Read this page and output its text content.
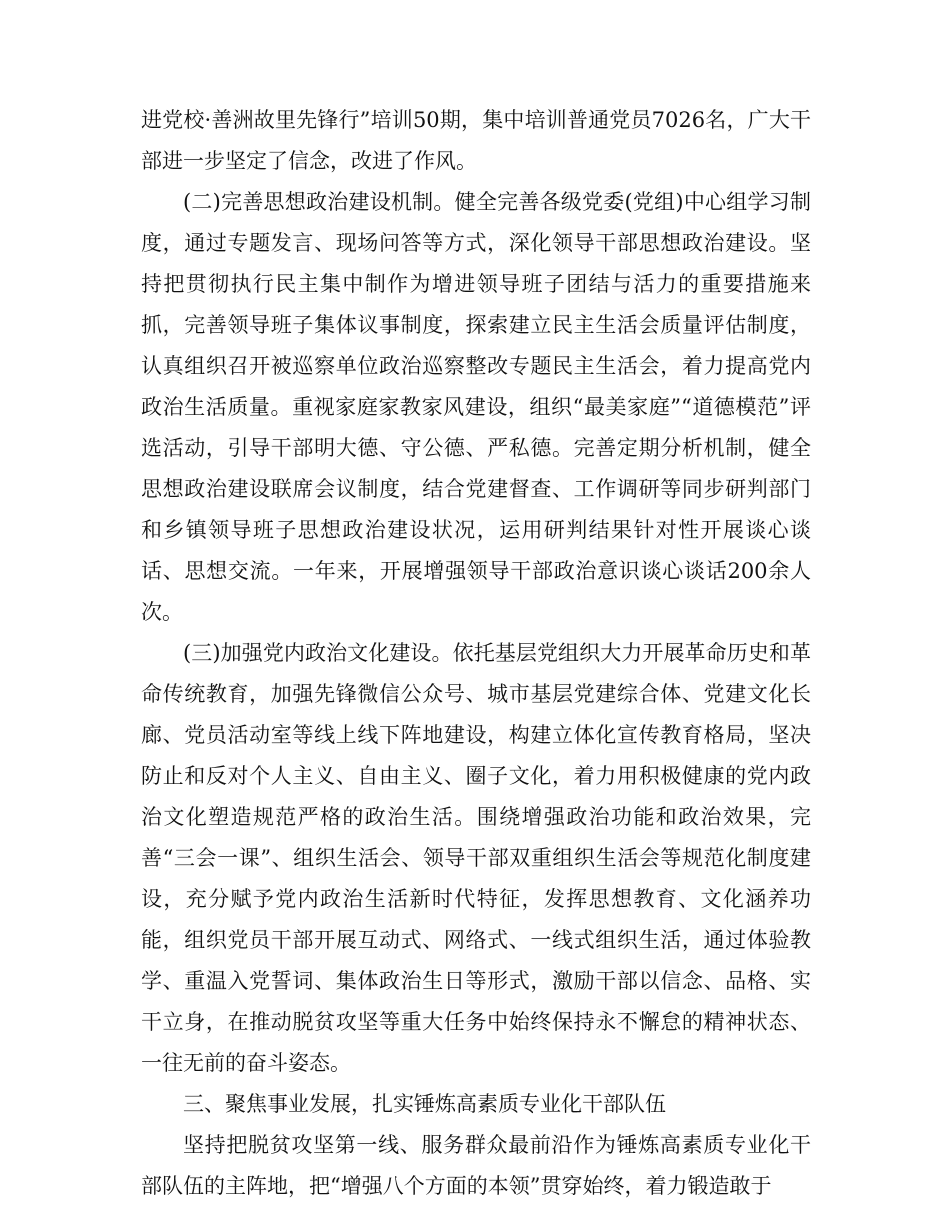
进党校·善洲故里先锋行”培训50期，集中培训普通党员7026名，广大干部进一步坚定了信念，改进了作风。

(二)完善思想政治建设机制。健全完善各级党委(党组)中心组学习制度，通过专题发言、现场问答等方式，深化领导干部思想政治建设。坚持把贯彻执行民主集中制作为增进领导班子团结与活力的重要措施来抓，完善领导班子集体议事制度，探索建立民主生活会质量评估制度，认真组织召开被巡察单位政治巡察整改专题民主生活会，着力提高党内政治生活质量。重视家庭家教家风建设，组织“最美家庭”“道德模范”评选活动，引导干部明大德、守公德、严私德。完善定期分析机制，健全思想政治建设联席会议制度，结合党建督查、工作调研等同步研判部门和乡镇领导班子思想政治建设状况，运用研判结果针对性开展谈心谈话、思想交流。一年来，开展增强领导干部政治意识谈心谈话200余人次。

(三)加强党内政治文化建设。依托基层党组织大力开展革命历史和革命传统教育，加强先锋微信公众号、城市基层党建综合体、党建文化长廊、党员活动室等线上线下阵地建设，构建立体化宣传教育格局，坚决防止和反对个人主义、自由主义、圈子文化，着力用积极健康的党内政治文化塑造规范严格的政治生活。围绕增强政治功能和政治效果，完善“三会一课”、组织生活会、领导干部双重组织生活会等规范化制度建设，充分赋予党内政治生活新时代特征，发挥思想教育、文化涵养功能，组织党员干部开展互动式、网络式、一线式组织生活，通过体验教学、重温入党誓词、集体政治生日等形式，激励干部以信念、品格、实干立身，在推动脱贫攻坚等重大任务中始终保持永不懈怠的精神状态、一往无前的奋斗姿态。

三、聚焦事业发展，扎实锤炼高素质专业化干部队伍

坚持把脱贫攻坚第一线、服务群众最前沿作为锤炼高素质专业化干部队伍的主阵地，把“增强八个方面的本领”贯穿始终，着力锻造敢于
